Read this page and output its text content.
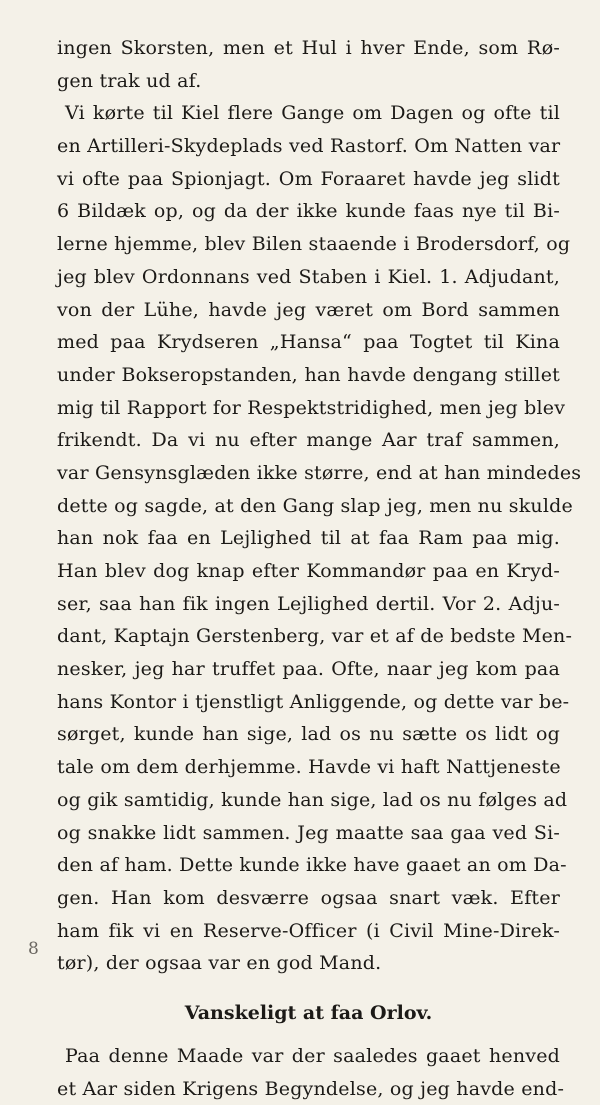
ingen Skorsten, men et Hul i hver Ende, som Rø-
gen trak ud af.
Vi kørte til Kiel flere Gange om Dagen og ofte til
en Artilleri-Skydeplads ved Rastorf. Om Natten var
vi ofte paa Spionjagt. Om Foraaret havde jeg slidt
6 Bildæk op, og da der ikke kunde faas nye til Bi-
lerne hjemme, blev Bilen staaende i Brodersdorf, og
jeg blev Ordonnans ved Staben i Kiel. 1. Adjudant,
von der Lühe, havde jeg været om Bord sammen
med paa Krydseren „Hansa“ paa Togtet til Kina
under Bokseropstanden, han havde dengang stillet
mig til Rapport for Respektstridighed, men jeg blev
frikendt. Da vi nu efter mange Aar traf sammen,
var Gensynsglæden ikke større, end at han mindedes
dette og sagde, at den Gang slap jeg, men nu skulde
han nok faa en Lejlighed til at faa Ram paa mig.
Han blev dog knap efter Kommandør paa en Kryd-
ser, saa han fik ingen Lejlighed dertil. Vor 2. Adju-
dant, Kaptajn Gerstenberg, var et af de bedste Men-
nesker, jeg har truffet paa. Ofte, naar jeg kom paa
hans Kontor i tjenstligt Anliggende, og dette var be-
sørget, kunde han sige, lad os nu sætte os lidt og
tale om dem derhjemme. Havde vi haft Nattjeneste
og gik samtidig, kunde han sige, lad os nu følges ad
og snakke lidt sammen. Jeg maatte saa gaa ved Si-
den af ham. Dette kunde ikke have gaaet an om Da-
gen. Han kom desværre ogsaa snart væk. Efter
ham fik vi en Reserve-Officer (i Civil Mine-Direk-
tør), der ogsaa var en god Mand.
Vanskeligt at faa Orlov.
Paa denne Maade var der saaledes gaaet henved
et Aar siden Krigens Begyndelse, og jeg havde end-
8
